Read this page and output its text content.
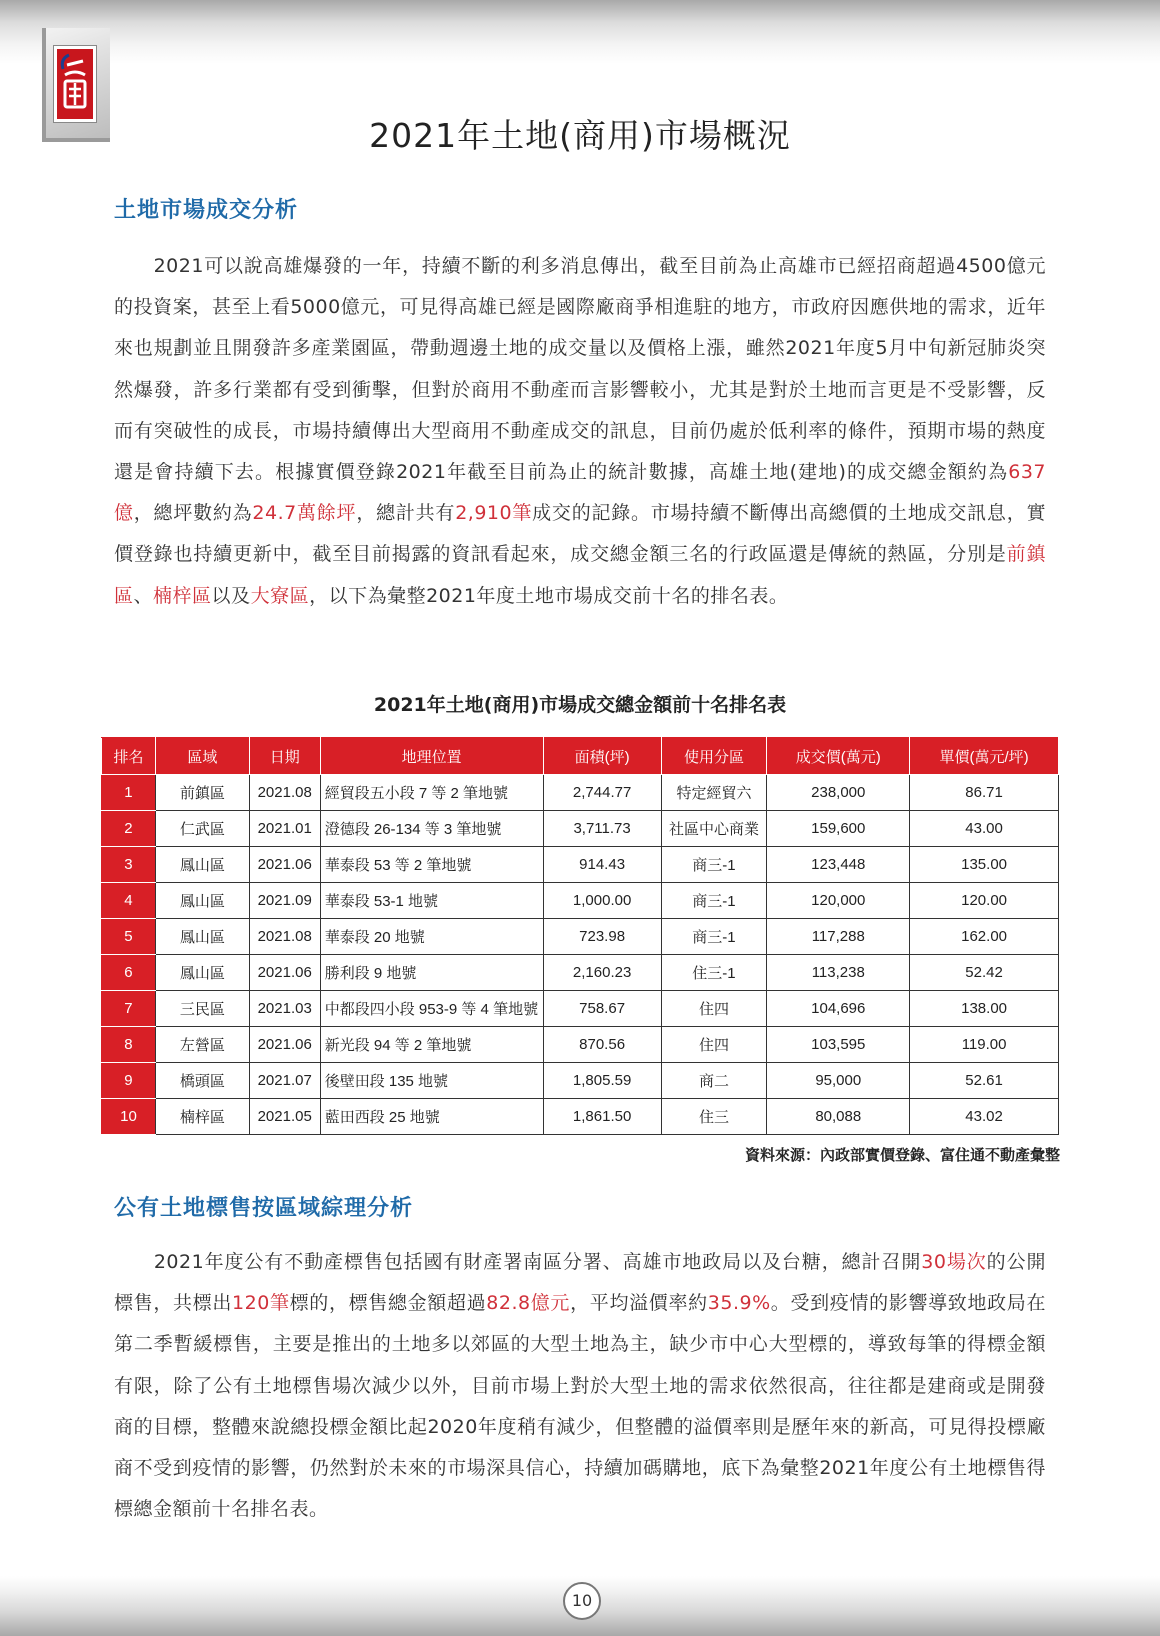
2021年土地(商用)市場概況
土地市場成交分析

　　2021可以說高雄爆發的一年，持續不斷的利多消息傳出，截至目前為止高雄市已經招商超過4500億元的投資案，甚至上看5000億元，可見得高雄已經是國際廠商爭相進駐的地方，市政府因應供地的需求，近年來也規劃並且開發許多產業園區，帶動週邊土地的成交量以及價格上漲，雖然2021年度5月中旬新冠肺炎突然爆發，許多行業都有受到衝擊，但對於商用不動產而言影響較小，尤其是對於土地而言更是不受影響，反而有突破性的成長，市場持續傳出大型商用不動產成交的訊息，目前仍處於低利率的條件，預期市場的熱度還是會持續下去。根據實價登錄2021年截至目前為止的統計數據，高雄土地(建地)的成交總金額約為637億，總坪數約為24.7萬餘坪，總計共有2,910筆成交的記錄。市場持續不斷傳出高總價的土地成交訊息，實價登錄也持續更新中，截至目前揭露的資訊看起來，成交總金額三名的行政區還是傳統的熱區，分別是前鎮區、楠梓區以及大寮區，以下為彙整2021年度土地市場成交前十名的排名表。

2021年土地(商用)市場成交總金額前十名排名表
排名	區域	日期	地理位置	面積(坪)	使用分區	成交價(萬元)	單價(萬元/坪)
1	前鎮區	2021.08	經貿段五小段 7 等 2 筆地號	2,744.77	特定經貿六	238,000	86.71
2	仁武區	2021.01	澄德段 26-134 等 3 筆地號	3,711.73	社區中心商業	159,600	43.00
3	鳳山區	2021.06	華泰段 53 等 2 筆地號	914.43	商三-1	123,448	135.00
4	鳳山區	2021.09	華泰段 53-1 地號	1,000.00	商三-1	120,000	120.00
5	鳳山區	2021.08	華泰段 20 地號	723.98	商三-1	117,288	162.00
6	鳳山區	2021.06	勝利段 9 地號	2,160.23	住三-1	113,238	52.42
7	三民區	2021.03	中都段四小段 953-9 等 4 筆地號	758.67	住四	104,696	138.00
8	左營區	2021.06	新光段 94 等 2 筆地號	870.56	住四	103,595	119.00
9	橋頭區	2021.07	後壁田段 135 地號	1,805.59	商二	95,000	52.61
10	楠梓區	2021.05	藍田西段 25 地號	1,861.50	住三	80,088	43.02
資料來源：內政部實價登錄、富住通不動產彙整
公有土地標售按區域綜理分析

　　2021年度公有不動產標售包括國有財產署南區分署、高雄市地政局以及台糖，總計召開30場次的公開標售，共標出120筆標的，標售總金額超過82.8億元，平均溢價率約35.9%。受到疫情的影響導致地政局在第二季暫緩標售，主要是推出的土地多以郊區的大型土地為主，缺少市中心大型標的，導致每筆的得標金額有限，除了公有土地標售場次減少以外，目前市場上對於大型土地的需求依然很高，往往都是建商或是開發商的目標，整體來說總投標金額比起2020年度稍有減少，但整體的溢價率則是歷年來的新高，可見得投標廠商不受到疫情的影響，仍然對於未來的市場深具信心，持續加碼購地，底下為彙整2021年度公有土地標售得標總金額前十名排名表。

10
